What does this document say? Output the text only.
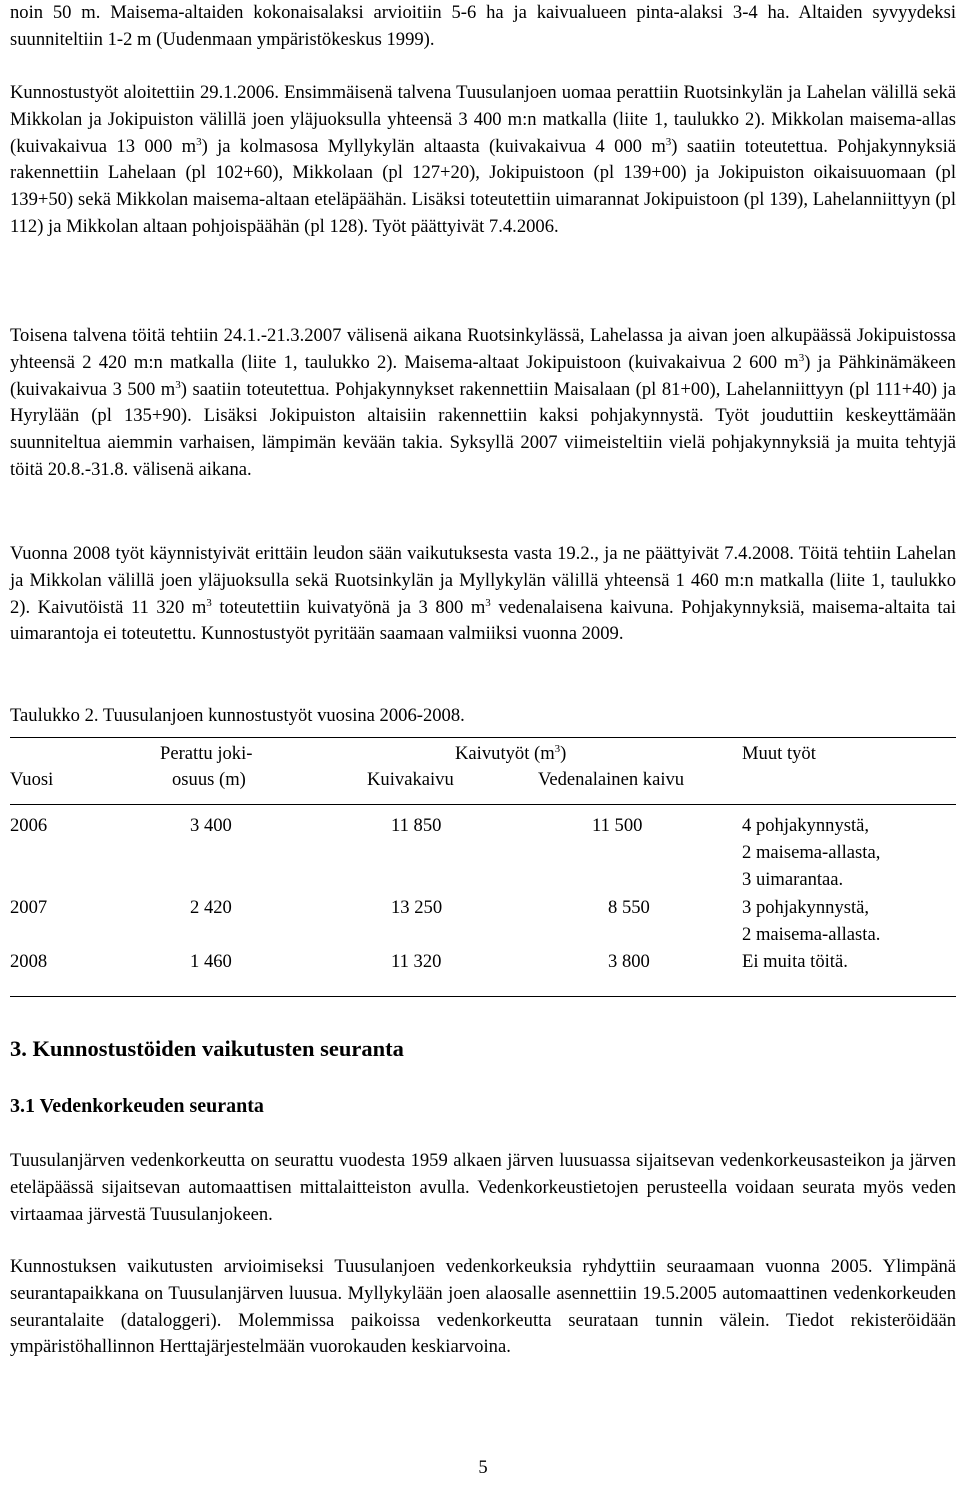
noin 50 m. Maisema-altaiden kokonaisalaksi arvioitiin 5-6 ha ja kaivualueen pinta-alaksi 3-4 ha. Altaiden syvyydeksi suunniteltiin 1-2 m (Uudenmaan ympäristökeskus 1999).

Kunnostustyöt aloitettiin 29.1.2006. Ensimmäisenä talvena Tuusulanjoen uomaa perattiin Ruotsinkylän ja Lahelan välillä sekä Mikkolan ja Jokipuiston välillä joen yläjuoksulla yhteensä 3 400 m:n matkalla (liite 1, taulukko 2). Mikkolan maisema-allas (kuivakaivua 13 000 $m^3$) ja kolmasosa Myllykylän altaasta (kuivakaivua 4 000 $m^3$) saatiin toteutettua. Pohjakynnyksiä rakennettiin Lahelaan (pl 102+60), Mikkolaan (pl 127+20), Jokipuistoon (pl 139+00) ja Jokipuiston oikaisuuomaan (pl 139+50) sekä Mikkolan maisema-altaan eteläpäähän. Lisäksi toteutettiin uimarannat Jokipuistoon (pl 139), Lahelanniittyyn (pl 112) ja Mikkolan altaan pohjoispäähän (pl 128). Työt päättyivät 7.4.2006.

Toisena talvena töitä tehtiin 24.1.-21.3.2007 välisenä aikana Ruotsinkylässä, Lahelassa ja aivan joen alkupäässä Jokipuistossa yhteensä 2 420 m:n matkalla (liite 1, taulukko 2). Maisema-altaat Jokipuistoon (kuivakaivua 2 600 $m^3$) ja Pähkinämäkeen (kuivakaivua 3 500 $m^3$) saatiin toteutettua. Pohjakynnykset rakennettiin Maisalaan (pl 81+00), Lahelanniittyyn (pl 111+40) ja Hyrylään (pl 135+90). Lisäksi Jokipuiston altaisiin rakennettiin kaksi pohjakynnystä. Työt jouduttiin keskeyttämään suunniteltua aiemmin varhaisen, lämpimän kevään takia. Syksyllä 2007 viimeisteltiin vielä pohjakynnyksiä ja muita tehtyjä töitä 20.8.-31.8. välisenä aikana.

Vuonna 2008 työt käynnistyivät erittäin leudon sään vaikutuksesta vasta 19.2., ja ne päättyivät 7.4.2008. Töitä tehtiin Lahelan ja Mikkolan välillä joen yläjuoksulla sekä Ruotsinkylän ja Myllykylän välillä yhteensä 1 460 m:n matkalla (liite 1, taulukko 2). Kaivutöistä 11 320 $m^3$ toteutettiin kuivatyönä ja 3 800 $m^3$ vedenalaisena kaivuna. Pohjakynnyksiä, maisema-altaita tai uimarantoja ei toteutettu. Kunnostustyöt pyritään saamaan valmiiksi vuonna 2009.

Taulukko 2. Tuusulanjoen kunnostustyöt vuosina 2006-2008.

Perattu joki-	Kaivutyöt $(m^3)$	Muut työt
Vuosi	osuus (m)	Kuivakaivu	Vedenalainen kaivu
2006	3 400	11 850	11 500	4 pohjakynnystä,
2 maisema-allasta,
3 uimarantaa.
2007	2 420	13 250	8 550	3 pohjakynnystä,
2 maisema-allasta.
2008	1 460	11 320	3 800	Ei muita töitä.
3. Kunnostustöiden vaikutusten seuranta
3.1 Vedenkorkeuden seuranta

Tuusulanjärven vedenkorkeutta on seurattu vuodesta 1959 alkaen järven luusuassa sijaitsevan vedenkorkeusasteikon ja järven eteläpäässä sijaitsevan automaattisen mittalaitteiston avulla. Vedenkorkeustietojen perusteella voidaan seurata myös veden virtaamaa järvestä Tuusulanjokeen.

Kunnostuksen vaikutusten arvioimiseksi Tuusulanjoen vedenkorkeuksia ryhdyttiin seuraamaan vuonna 2005. Ylimpänä seurantapaikkana on Tuusulanjärven luusua. Myllykylään joen alaosalle asennettiin 19.5.2005 automaattinen vedenkorkeuden seurantalaite (dataloggeri). Molemmissa paikoissa vedenkorkeutta seurataan tunnin välein. Tiedot rekisteröidään ympäristöhallinnon Herttajärjestelmään vuorokauden keskiarvoina.

5
